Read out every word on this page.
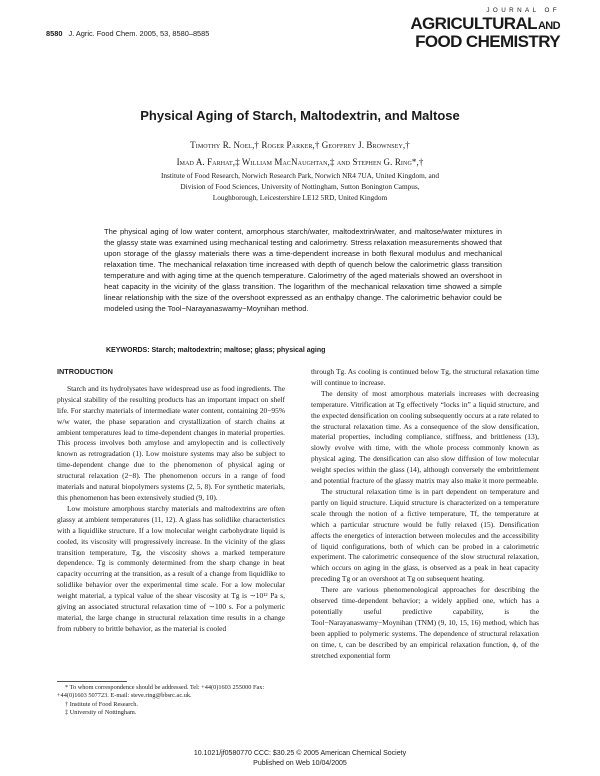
8580 J. Agric. Food Chem. 2005, 53, 8580–8585
JOURNAL OF
AGRICULTURALAND
FOOD CHEMISTRY
Physical Aging of Starch, Maltodextrin, and Maltose
Timothy R. Noel,† Roger Parker,† Geoffrey J. Brownsey,†
Imad A. Farhat,‡ William MacNaughtan,‡ and Stephen G. Ring*,†
Institute of Food Research, Norwich Research Park, Norwich NR4 7UA, United Kingdom, and
Division of Food Sciences, University of Nottingham, Sutton Bonington Campus,
Loughborough, Leicestershire LE12 5RD, United Kingdom
The physical aging of low water content, amorphous starch/water, maltodextrin/water, and maltose/water mixtures in the glassy state was examined using mechanical testing and calorimetry. Stress relaxation measurements showed that upon storage of the glassy materials there was a time-dependent increase in both flexural modulus and mechanical relaxation time. The mechanical relaxation time increased with depth of quench below the calorimetric glass transition temperature and with aging time at the quench temperature. Calorimetry of the aged materials showed an overshoot in heat capacity in the vicinity of the glass transition. The logarithm of the mechanical relaxation time showed a simple linear relationship with the size of the overshoot expressed as an enthalpy change. The calorimetric behavior could be modeled using the Tool−Narayanaswamy−Moynihan method.
KEYWORDS: Starch; maltodextrin; maltose; glass; physical aging

INTRODUCTION

Starch and its hydrolysates have widespread use as food ingredients. The physical stability of the resulting products has an important impact on shelf life. For starchy materials of intermediate water content, containing 20−95% w/w water, the phase separation and crystallization of starch chains at ambient temperatures lead to time-dependent changes in material properties. This process involves both amylose and amylopectin and is collectively known as retrogradation (1). Low moisture systems may also be subject to time-dependent change due to the phenomenon of physical aging or structural relaxation (2−8). The phenomenon occurs in a range of food materials and natural biopolymers systems (2, 5, 8). For synthetic materials, this phenomenon has been extensively studied (9, 10).

Low moisture amorphous starchy materials and maltodextrins are often glassy at ambient temperatures (11, 12). A glass has solidlike characteristics with a liquidlike structure. If a low molecular weight carbohydrate liquid is cooled, its viscosity will progressively increase. In the vicinity of the glass transition temperature, Tg, the viscosity shows a marked temperature dependence. Tg is commonly determined from the sharp change in heat capacity occurring at the transition, as a result of a change from liquidlike to solidlike behavior over the experimental time scale. For a low molecular weight material, a typical value of the shear viscosity at Tg is ∼10¹² Pa s, giving an associated structural relaxation time of ∼100 s. For a polymeric material, the large change in structural relaxation time results in a change from rubbery to brittle behavior, as the material is cooled

through Tg. As cooling is continued below Tg, the structural relaxation time will continue to increase.

The density of most amorphous materials increases with decreasing temperature. Vitrification at Tg effectively “locks in” a liquid structure, and the expected densification on cooling subsequently occurs at a rate related to the structural relaxation time. As a consequence of the slow densification, material properties, including compliance, stiffness, and brittleness (13), slowly evolve with time, with the whole process commonly known as physical aging. The densification can also slow diffusion of low molecular weight species within the glass (14), although conversely the embrittlement and potential fracture of the glassy matrix may also make it more permeable.

The structural relaxation time is in part dependent on temperature and partly on liquid structure. Liquid structure is characterized on a temperature scale through the notion of a fictive temperature, Tf, the temperature at which a particular structure would be fully relaxed (15). Densification affects the energetics of interaction between molecules and the accessibility of liquid configurations, both of which can be probed in a calorimetric experiment. The calorimetric consequence of the slow structural relaxation, which occurs on aging in the glass, is observed as a peak in heat capacity preceding Tg or an overshoot at Tg on subsequent heating.

There are various phenomenological approaches for describing the observed time-dependent behavior; a widely applied one, which has a potentially useful predictive capability, is the Tool−Narayanaswamy−Moynihan (TNM) (9, 10, 15, 16) method, which has been applied to polymeric systems. The dependence of structural relaxation on time, t, can be described by an empirical relaxation function, ϕ, of the stretched exponential form

* To whom correspondence should be addressed. Tel: +44(0)1603 255000 Fax: +44(0)1603 507723. E-mail: steve.ring@bbsrc.ac.uk.
† Institute of Food Research.
‡ University of Nottingham.
10.1021/jf0580770 CCC: $30.25 © 2005 American Chemical Society
Published on Web 10/04/2005
